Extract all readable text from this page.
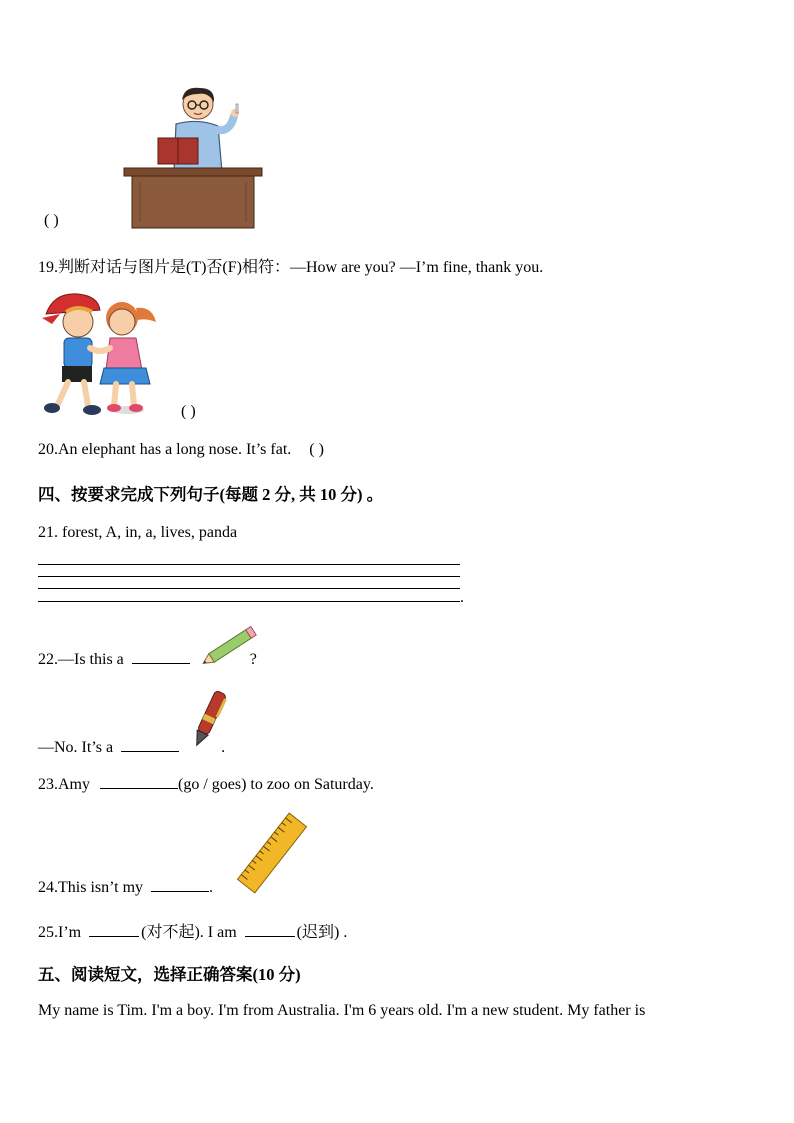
( )
19.判断对话与图片是(T)否(F)相符：—How are you? —I’m fine, thank you.
( )
20.An elephant has a long nose. It’s fat. ( )
四、按要求完成下列句子(每题 2 分, 共 10 分) 。
21. forest, A, in, a, lives, panda
.
22.—Is this a	?
—No. It’s a	.
23.Amy	(go / goes) to zoo on Saturday.
24.This isn’t my	.
25.I’m	(对不起). I am	(迟到) .
五、阅读短文，选择正确答案(10 分)
My name is Tim. I'm a boy. I'm from Australia. I'm 6 years old. I'm a new student. My father is
